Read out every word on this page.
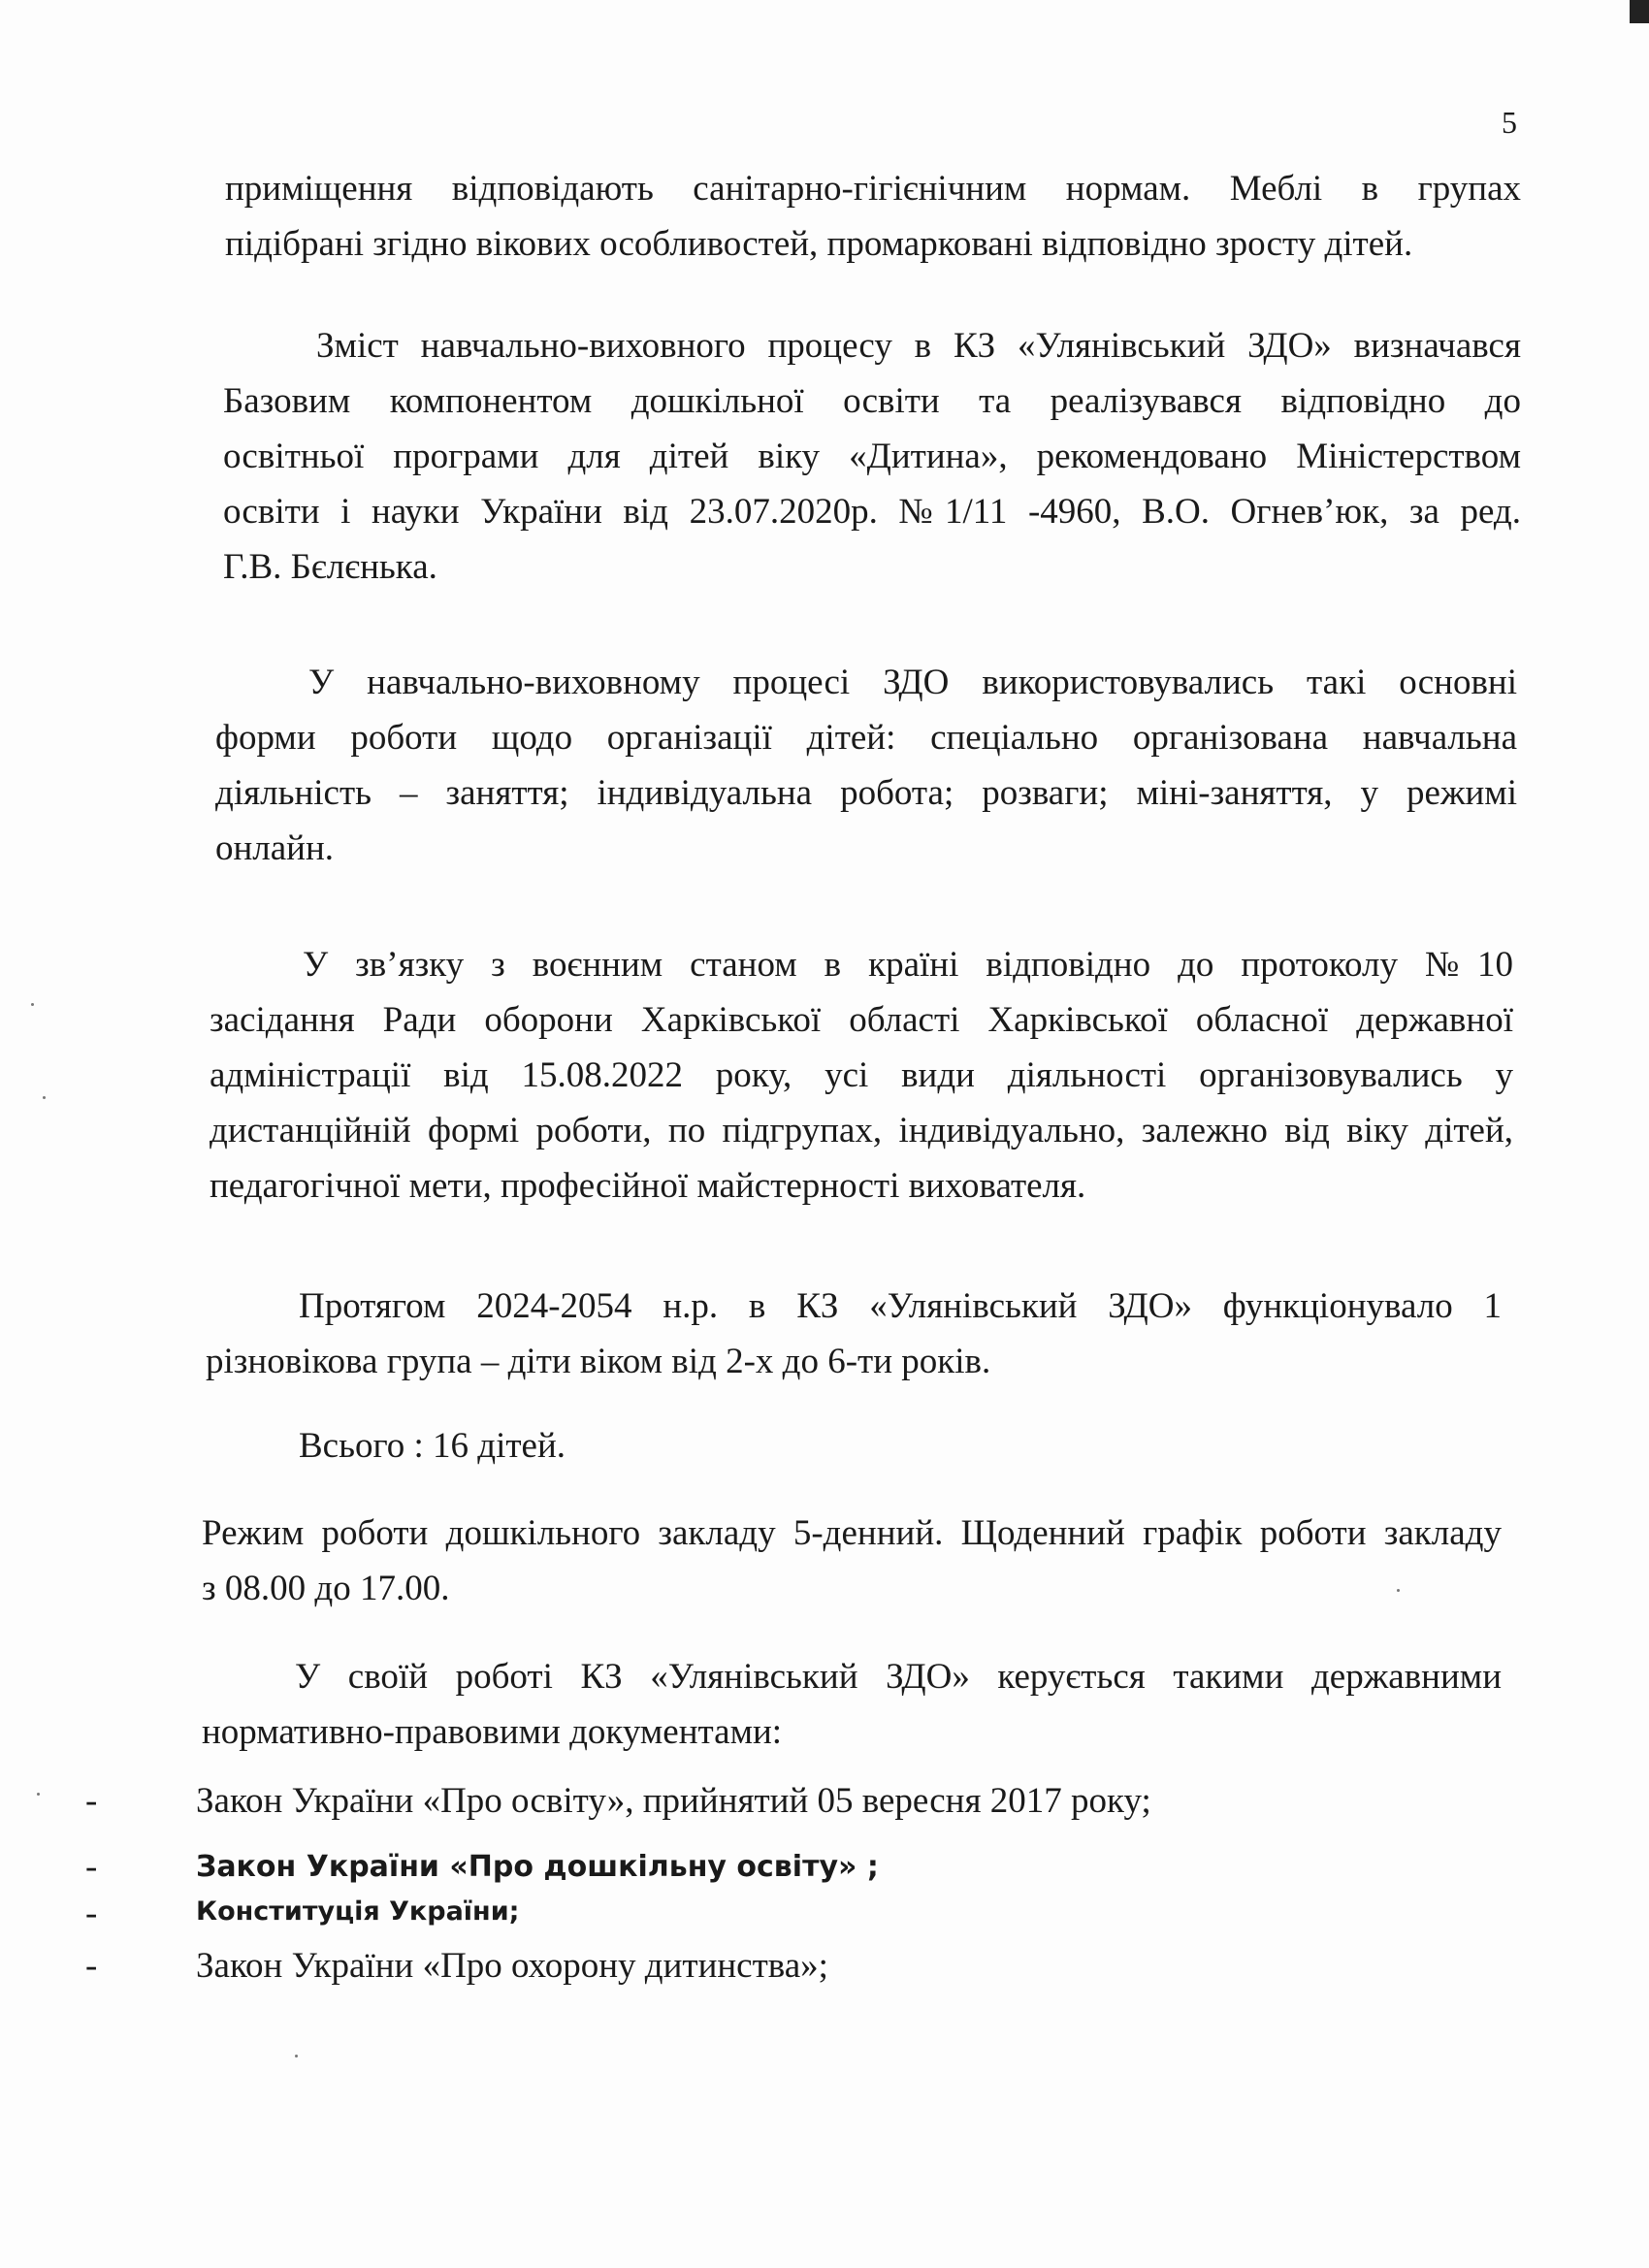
5
приміщення відповідають санітарно-гігієнічним нормам. Меблі в групах
підібрані згідно вікових особливостей, промарковані відповідно зросту дітей.
Зміст навчально-виховного процесу в КЗ «Улянівський ЗДО» визначався
Базовим компонентом дошкільної освіти та реалізувався відповідно до
освітньої програми для дітей віку «Дитина», рекомендовано Міністерством
освіти і науки України від 23.07.2020р. №1/11 -4960, В.О. Огнев’юк, за ред.
Г.В. Бєлєнька.
У навчально-виховному процесі ЗДО використовувались такі основні
форми роботи щодо організації дітей: спеціально організована навчальна
діяльність – заняття; індивідуальна робота; розваги; міні-заняття, у режимі
онлайн.
У зв’язку з воєнним станом в країні відповідно до протоколу №10
засідання Ради оборони Харківської області Харківської обласної державної
адміністрації від 15.08.2022 року, усі види діяльності організовувались у
дистанційній формі роботи, по підгрупах, індивідуально, залежно від віку дітей,
педагогічної мети, професійної майстерності вихователя.
Протягом 2024-2054 н.р. в КЗ «Улянівський ЗДО» функціонувало 1
різновікова група – діти віком від 2-х до 6-ти років.
Всього : 16 дітей.
Режим роботи дошкільного закладу 5-денний. Щоденний графік роботи закладу
з 08.00 до 17.00.
У своїй роботі КЗ «Улянівський ЗДО» керується такими державними
нормативно-правовими документами:
-	Закон України «Про освіту», прийнятий 05 вересня 2017 року;
-	Закон України «Про дошкільну освіту» ;
-	Конституція України;
-	Закон України «Про охорону дитинства»;
